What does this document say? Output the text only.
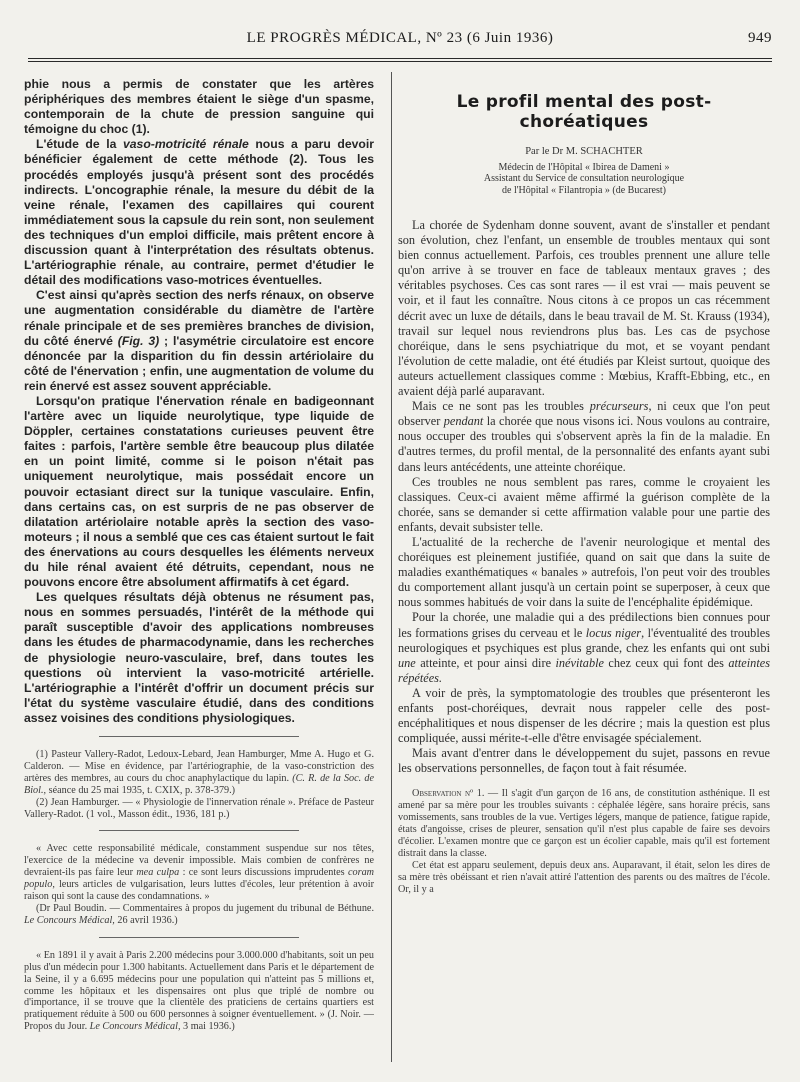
LE PROGRÈS MÉDICAL, Nº 23 (6 Juin 1936)	949

phie nous a permis de constater que les artères périphériques des membres étaient le siège d'un spasme, contemporain de la chute de pression sanguine qui témoigne du choc (1).

L'étude de la vaso-motricité rénale nous a paru devoir bénéficier également de cette méthode (2). Tous les procédés employés jusqu'à présent sont des procédés indirects. L'oncographie rénale, la mesure du débit de la veine rénale, l'examen des capillaires qui courent immédiatement sous la capsule du rein sont, non seulement des techniques d'un emploi difficile, mais prêtent encore à discussion quant à l'interprétation des résultats obtenus. L'artériographie rénale, au contraire, permet d'étudier le détail des modifications vaso-motrices éventuelles.

C'est ainsi qu'après section des nerfs rénaux, on observe une augmentation considérable du diamètre de l'artère rénale principale et de ses premières branches de division, du côté énervé (Fig. 3) ; l'asymétrie circulatoire est encore dénoncée par la disparition du fin dessin artériolaire du côté de l'énervation ; enfin, une augmentation de volume du rein énervé est assez souvent appréciable.

Lorsqu'on pratique l'énervation rénale en badigeonnant l'artère avec un liquide neurolytique, type liquide de Döppler, certaines constatations curieuses peuvent être faites : parfois, l'artère semble être beaucoup plus dilatée en un point limité, comme si le poison n'était pas uniquement neurolytique, mais possédait encore un pouvoir ectasiant direct sur la tunique vasculaire. Enfin, dans certains cas, on est surpris de ne pas observer de dilatation artériolaire notable après la section des vaso-moteurs ; il nous a semblé que ces cas étaient surtout le fait des énervations au cours desquelles les éléments nerveux du hile rénal avaient été détruits, cependant, nous ne pouvons encore être absolument affirmatifs à cet égard.

Les quelques résultats déjà obtenus ne résument pas, nous en sommes persuadés, l'intérêt de la méthode qui paraît susceptible d'avoir des applications nombreuses dans les études de pharmacodynamie, dans les recherches de physiologie neuro-vasculaire, bref, dans toutes les questions où intervient la vaso-motricité artérielle. L'artériographie a l'intérêt d'offrir un document précis sur l'état du système vasculaire étudié, dans des conditions assez voisines des conditions physiologiques.

(1) Pasteur Vallery-Radot, Ledoux-Lebard, Jean Hamburger, Mme A. Hugo et G. Calderon. — Mise en évidence, par l'artériographie, de la vaso-constriction des artères des membres, au cours du choc anaphylactique du lapin. (C. R. de la Soc. de Biol., séance du 25 mai 1935, t. CXIX, p. 378-379.)

(2) Jean Hamburger. — « Physiologie de l'innervation rénale ». Préface de Pasteur Vallery-Radot. (1 vol., Masson édit., 1936, 181 p.)

« Avec cette responsabilité médicale, constamment suspendue sur nos têtes, l'exercice de la médecine va devenir impossible. Mais combien de confrères ne devraient-ils pas faire leur mea culpa : ce sont leurs discussions imprudentes coram populo, leurs articles de vulgarisation, leurs luttes d'écoles, leur prétention à avoir raison qui sont la cause des condamnations. »

(Dr Paul Boudin. — Commentaires à propos du jugement du tribunal de Béthune. Le Concours Médical, 26 avril 1936.)

« En 1891 il y avait à Paris 2.200 médecins pour 3.000.000 d'habitants, soit un peu plus d'un médecin pour 1.300 habitants. Actuellement dans Paris et le département de la Seine, il y a 6.695 médecins pour une population qui n'atteint pas 5 millions et, comme les hôpitaux et les dispensaires ont plus que triplé de nombre ou d'importance, il se trouve que la clientèle des praticiens de certains quartiers est pratiquement réduite à 500 ou 600 personnes à soigner éventuellement. » (J. Noir. — Propos du Jour. Le Concours Médical, 3 mai 1936.)

Le profil mental des post-choréatiques
Par le Dr M. SCHACHTER
Médecin de l'Hôpital « Ibirea de Dameni »
Assistant du Service de consultation neurologique
de l'Hôpital « Filantropia » (de Bucarest)

La chorée de Sydenham donne souvent, avant de s'installer et pendant son évolution, chez l'enfant, un ensemble de troubles mentaux qui sont bien connus actuellement. Parfois, ces troubles prennent une allure telle qu'on arrive à se trouver en face de tableaux mentaux graves ; des véritables psychoses. Ces cas sont rares — il est vrai — mais peuvent se voir, et il faut les connaître. Nous citons à ce propos un cas récemment décrit avec un luxe de détails, dans le beau travail de M. St. Krauss (1934), travail sur lequel nous reviendrons plus bas. Les cas de psychose choréique, dans le sens psychiatrique du mot, et se voyant pendant l'évolution de cette maladie, ont été étudiés par Kleist surtout, quoique des auteurs actuellement classiques comme : Mœbius, Krafft-Ebbing, etc., en avaient déjà parlé auparavant.

Mais ce ne sont pas les troubles précurseurs, ni ceux que l'on peut observer pendant la chorée que nous visons ici. Nous voulons au contraire, nous occuper des troubles qui s'observent après la fin de la maladie. En d'autres termes, du profil mental, de la personnalité des enfants ayant subi dans leurs antécédents, une atteinte choréique.

Ces troubles ne nous semblent pas rares, comme le croyaient les classiques. Ceux-ci avaient même affirmé la guérison complète de la chorée, sans se demander si cette affirmation valable pour une partie des enfants, devait subsister telle.

L'actualité de la recherche de l'avenir neurologique et mental des choréiques est pleinement justifiée, quand on sait que dans la suite de maladies exanthématiques « banales » autrefois, l'on peut voir des troubles du comportement allant jusqu'à un certain point se superposer, à ceux que nous sommes habitués de voir dans la suite de l'encéphalite épidémique.

Pour la chorée, une maladie qui a des prédilections bien connues pour les formations grises du cerveau et le locus niger, l'éventualité des troubles neurologiques et psychiques est plus grande, chez les enfants qui ont subi une atteinte, et pour ainsi dire inévitable chez ceux qui font des atteintes répétées.

A voir de près, la symptomatologie des troubles que présenteront les enfants post-choréiques, devrait nous rappeler celle des post-encéphalitiques et nous dispenser de les décrire ; mais la question est plus compliquée, aussi mérite-t-elle d'être envisagée spécialement.

Mais avant d'entrer dans le développement du sujet, passons en revue les observations personnelles, de façon tout à fait résumée.

Observation nº 1. — Il s'agit d'un garçon de 16 ans, de constitution asthénique. Il est amené par sa mère pour les troubles suivants : céphalée légère, sans horaire précis, sans vomissements, sans troubles de la vue. Vertiges légers, manque de patience, fatigue rapide, états d'angoisse, crises de pleurer, sensation qu'il n'est plus capable de faire ses devoirs d'écolier. L'examen montre que ce garçon est un écolier capable, mais qu'il est fortement distrait dans la classe.

Cet état est apparu seulement, depuis deux ans. Auparavant, il était, selon les dires de sa mère très obéissant et rien n'avait attiré l'attention des parents ou des maîtres de l'école. Or, il y a
